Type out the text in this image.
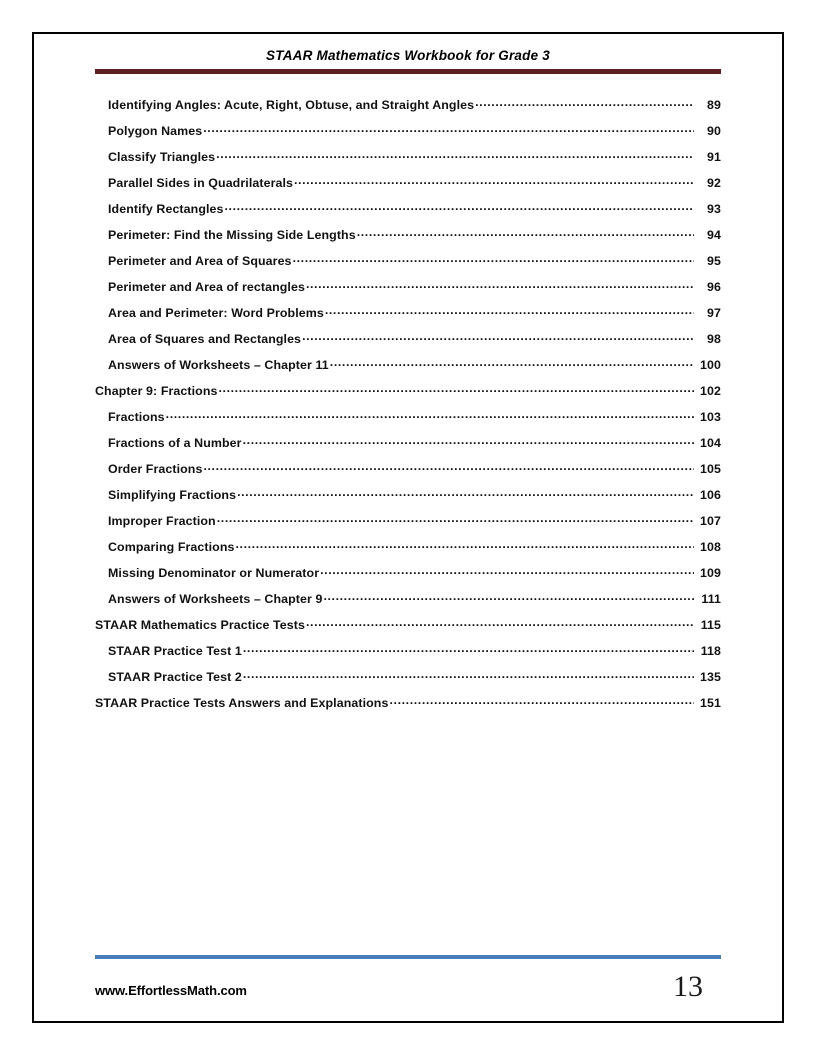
STAAR Mathematics Workbook for Grade 3
Identifying Angles: Acute, Right, Obtuse, and Straight Angles .....	89
Polygon Names .....	90
Classify Triangles .....	91
Parallel Sides in Quadrilaterals .....	92
Identify Rectangles .....	93
Perimeter: Find the Missing Side Lengths .....	94
Perimeter and Area of Squares .....	95
Perimeter and Area of rectangles .....	96
Area and Perimeter: Word Problems .....	97
Area of Squares and Rectangles .....	98
Answers of Worksheets – Chapter 11 .....	100
Chapter 9: Fractions .....	102
Fractions .....	103
Fractions of a Number .....	104
Order Fractions .....	105
Simplifying Fractions .....	106
Improper Fraction .....	107
Comparing Fractions .....	108
Missing Denominator or Numerator .....	109
Answers of Worksheets – Chapter 9 .....	111
STAAR Mathematics Practice Tests .....	115
STAAR Practice Test 1 .....	118
STAAR Practice Test 2 .....	135
STAAR Practice Tests Answers and Explanations .....	151
www.EffortlessMath.com	13
